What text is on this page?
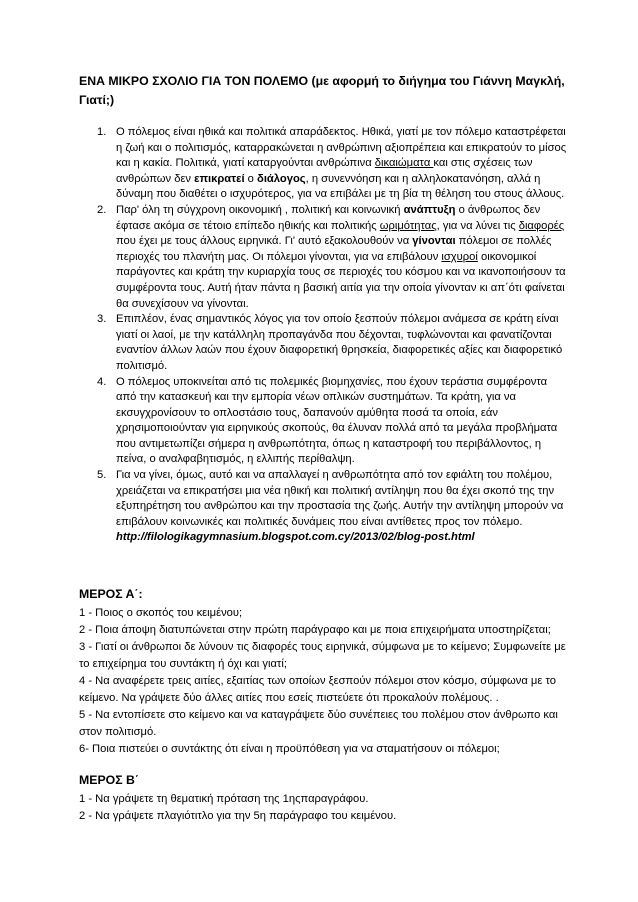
ΕΝΑ ΜΙΚΡΟ ΣΧΟΛΙΟ ΓΙΑ ΤΟΝ ΠΟΛΕΜΟ (με αφορμή το διήγημα του Γιάννη Μαγκλή, Γιατί;)
1 . Ο πόλεμος είναι ηθικά και πολιτικά απαράδεκτος. Ηθικά, γιατί με τον πόλεμο καταστρέφεται η ζωή και ο πολιτισμός, καταρρακώνεται η ανθρώπινη αξιοπρέπεια και επικρατούν το μίσος και η κακία. Πολιτικά, γιατί καταργούνται ανθρώπινα δικαιώματα και στις σχέσεις των ανθρώπων δεν επικρατεί ο διάλογος, η συνεννόηση και η αλληλοκατανόηση, αλλά η δύναμη που διαθέτει ο ισχυρότερος, για να επιβάλει με τη βία τη θέληση του στους άλλους.
2 . Παρ' όλη τη σύγχρονη οικονομική , πολιτική και κοινωνική ανάπτυξη ο άνθρωπος δεν έφτασε ακόμα σε τέτοιο επίπεδο ηθικής και πολιτικής ωριμότητας, για να λύνει τις διαφορές που έχει με τους άλλους ειρηνικά. Γι' αυτό εξακολουθούν να γίνονται πόλεμοι σε πολλές περιοχές του πλανήτη μας. Οι πόλεμοι γίνονται, για να επιβάλουν ισχυροί οικονομικοί παράγοντες και κράτη την κυριαρχία τους σε περιοχές του κόσμου και να ικανοποιήσουν τα συμφέροντα τους. Αυτή ήταν πάντα η βασική αιτία για την οποία γίνονταν κι απ΄ότι φαίνεται θα συνεχίσουν να γίνονται.
3 . Επιπλέον, ένας σημαντικός λόγος για τον οποίο ξεσπούν πόλεμοι ανάμεσα σε κράτη είναι γιατί οι λαοί, με την κατάλληλη προπαγάνδα που δέχονται, τυφλώνονται και φανατίζονται εναντίον άλλων λαών που έχουν διαφορετική θρησκεία, διαφορετικές αξίες και διαφορετικό πολιτισμό.
4 . Ο πόλεμος υποκινείται από τις πολεμικές βιομηχανίες, που έχουν τεράστια συμφέροντα από την κατασκευή και την εμπορία νέων οπλικών συστημάτων. Τα κράτη, για να εκσυγχρονίσουν το οπλοστάσιο τους, δαπανούν αμύθητα ποσά τα οποία, εάν χρησιμοποιούνταν για ειρηνικούς σκοπούς, θα έλυναν πολλά από τα μεγάλα προβλήματα που αντιμετωπίζει σήμερα η ανθρωπότητα, όπως η καταστροφή του περιβάλλοντος, η πείνα, ο αναλφαβητισμός, η ελλιπής περίθαλψη.
5 . Για να γίνει, όμως, αυτό και να απαλλαγεί η ανθρωπότητα από τον εφιάλτη του πολέμου, χρειάζεται να επικρατήσει μια νέα ηθική και πολιτική αντίληψη που θα έχει σκοπό της την εξυπηρέτηση του ανθρώπου και την προστασία της ζωής. Αυτήν την αντίληψη μπορούν να επιβάλουν κοινωνικές και πολιτικές δυνάμεις που είναι αντίθετες προς τον πόλεμο.
http://filologikagymnasium.blogspot.com.cy/2013/02/blog-post.html
ΜΕΡΟΣ Α΄:

1 - Ποιος ο σκοπός του κειμένου;

2 - Ποια άποψη διατυπώνεται στην πρώτη παράγραφο και με ποια επιχειρήματα υποστηρίζεται;

3 - Γιατί οι άνθρωποι δε λύνουν τις διαφορές τους ειρηνικά, σύμφωνα με το κείμενο; Συμφωνείτε με το επιχείρημα του συντάκτη ή όχι και γιατί;

4 - Να αναφέρετε τρεις αιτίες, εξαιτίας των οποίων ξεσπούν πόλεμοι στον κόσμο, σύμφωνα με το κείμενο. Να γράψετε δύο άλλες αιτίες που εσείς πιστεύετε ότι προκαλούν πολέμους. .

5 - Να εντοπίσετε στο κείμενο και να καταγράψετε δύο συνέπειες του πολέμου στον άνθρωπο και στον πολιτισμό.

6- Ποια πιστεύει ο συντάκτης ότι είναι η προϋπόθεση για να σταματήσουν οι πόλεμοι;

ΜΕΡΟΣ Β΄

1 - Να γράψετε τη θεματική πρόταση της 1ηςπαραγράφου.

2 - Να γράψετε πλαγιότιτλο για την 5η παράγραφο του κειμένου.
